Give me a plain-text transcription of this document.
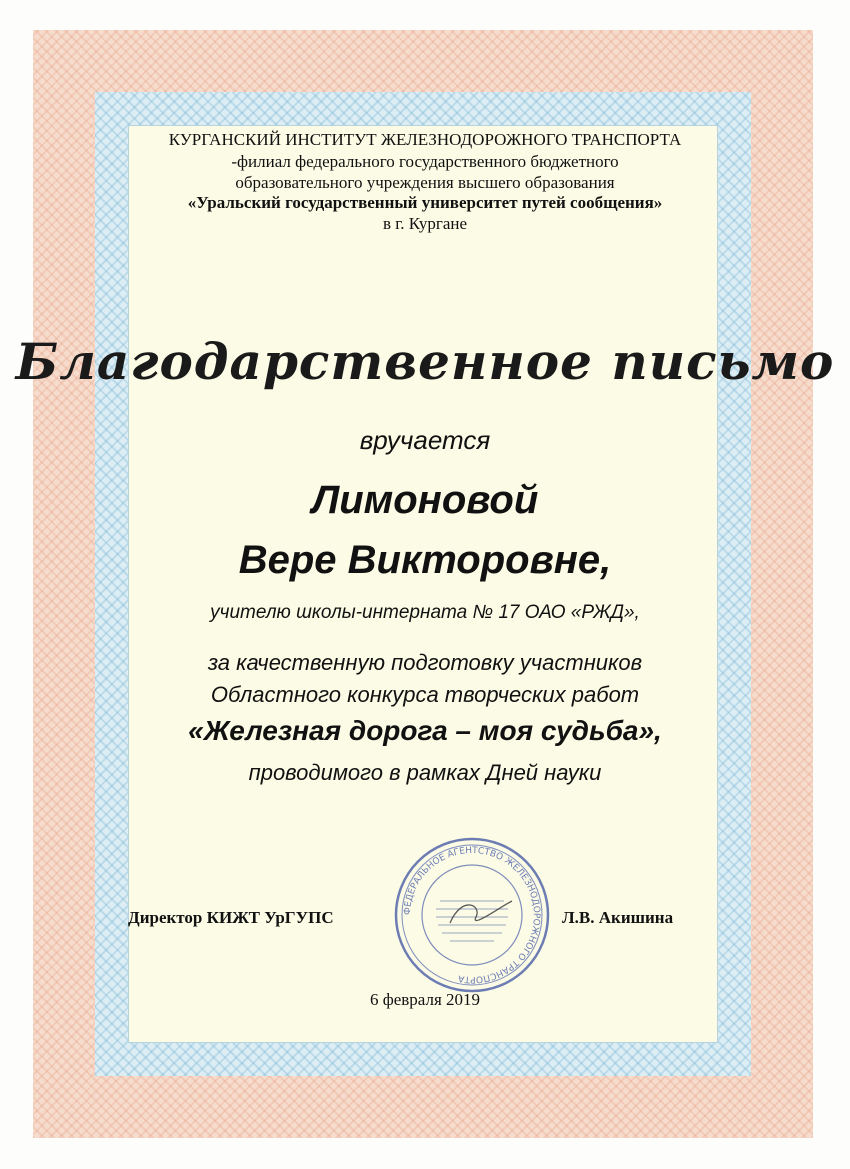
КУРГАНСКИЙ ИНСТИТУТ ЖЕЛЕЗНОДОРОЖНОГО ТРАНСПОРТА
-филиал федерального государственного бюджетного
образовательного учреждения высшего образования
«Уральский государственный университет путей сообщения»
в г. Кургане
Благодарственное письмо
вручается
Лимоновой
Вере Викторовне,
учителю школы-интерната № 17 ОАО «РЖД»,
за качественную подготовку участников
Областного конкурса творческих работ
«Железная дорога – моя судьба»,
проводимого в рамках Дней науки
Директор КИЖТ УрГУПС	ФЕДЕРАЛЬНОЕ АГЕНТСТВО ЖЕЛЕЗНОДОРОЖНОГО ТРАНСПОРТА
Л.В. Акишина
6 февраля 2019
